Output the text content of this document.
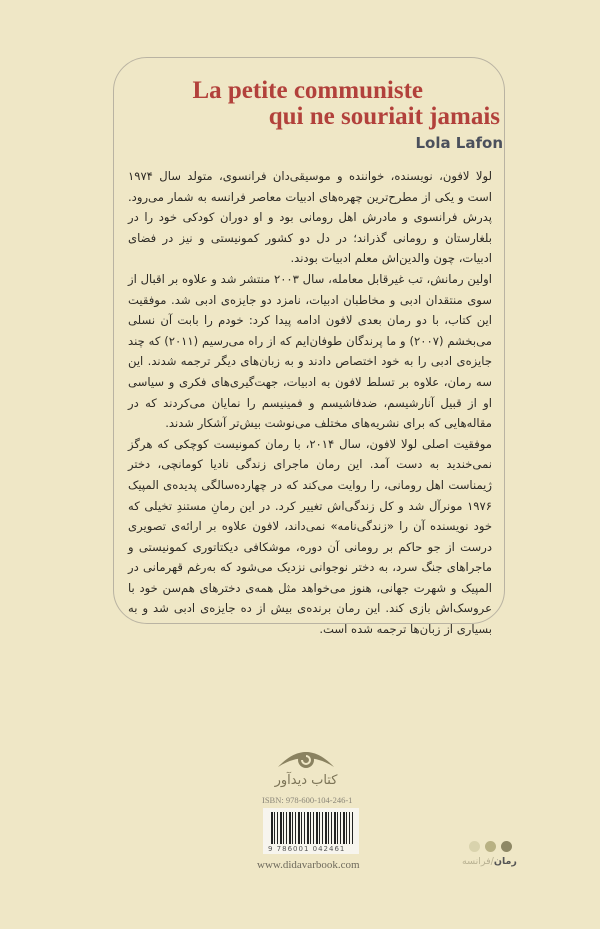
La petite communiste
qui ne souriait jamais
Lola Lafon

لولا لافون، نویسنده، خواننده و موسیقی‌دان فرانسوی، متولد سال ۱۹۷۴ است و یکی از مطرح‌ترین چهره‌های ادبیات معاصر فرانسه به شمار می‌رود. پدرش فرانسوی و مادرش اهل رومانی بود و او دوران کودکی خود را در بلغارستان و رومانی گذراند؛ در دل دو کشور کمونیستی و نیز در فضای ادبیات، چون والدین‌اش معلم ادبیات بودند.

اولین رمانش، تب غیرقابل معامله، سال ۲۰۰۳ منتشر شد و علاوه بر اقبال از سوی منتقدان ادبی و مخاطبان ادبیات، نامزد دو جایزه‌ی ادبی شد. موفقیت این کتاب، با دو رمان بعدی لافون ادامه پیدا کرد: خودم را بابت آن نسلی می‌بخشم (۲۰۰۷) و ما پرندگان طوفان‌ایم که از راه می‌رسیم (۲۰۱۱) که چند جایزه‌ی ادبی را به خود اختصاص دادند و به زبان‌های دیگر ترجمه شدند. این سه رمان، علاوه بر تسلط لافون به ادبیات، جهت‌گیری‌های فکری و سیاسی او از قبیل آنارشیسم، ضدفاشیسم و فمینیسم را نمایان می‌کردند که در مقاله‌هایی که برای نشریه‌های مختلف می‌نوشت بیش‌تر آشکار شدند.

موفقیت اصلی لولا لافون، سال ۲۰۱۴، با رمان کمونیست کوچکی که هرگز نمی‌خندید به دست آمد. این رمان ماجرای زندگی نادیا کومانچی، دختر ژیمناست اهل رومانی، را روایت می‌کند که در چهارده‌سالگی پدیده‌ی المپیک ۱۹۷۶ مونرآل شد و کل زندگی‌اش تغییر کرد. در این رمانِ مستندِ تخیلی که خود نویسنده آن را «زندگی‌نامه» نمی‌داند، لافون علاوه بر ارائه‌ی تصویری درست از جو حاکم بر رومانی آن دوره، موشکافی دیکتاتوری کمونیستی و ماجراهای جنگ سرد، به دختر نوجوانی نزدیک می‌شود که به‌رغم قهرمانی در المپیک و شهرت جهانی، هنوز می‌خواهد مثل همه‌ی دخترهای هم‌سن خود با عروسک‌اش بازی کند. این رمان برنده‌ی بیش از ده جایزه‌ی ادبی شد و به بسیاری از زبان‌ها ترجمه شده است.

کتاب دیدآور
ISBN: 978-600-104-246-1
9 786001 042461
www.didavarbook.com	رمان/فرانسه
